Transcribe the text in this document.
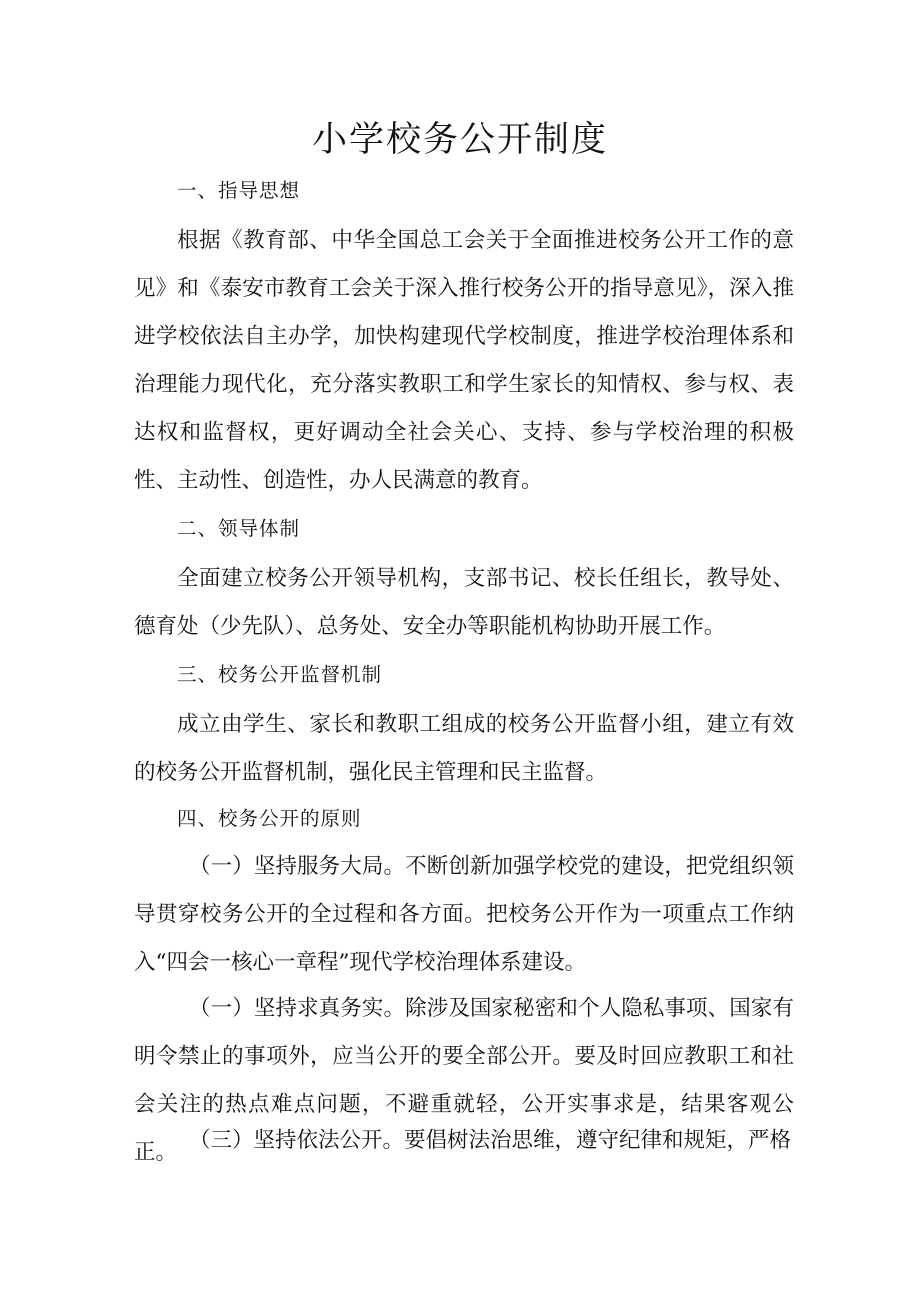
小学校务公开制度

一、指导思想

根据《教育部、中华全国总工会关于全面推进校务公开工作的意见》和《泰安市教育工会关于深入推行校务公开的指导意见》，深入推进学校依法自主办学，加快构建现代学校制度，推进学校治理体系和治理能力现代化，充分落实教职工和学生家长的知情权、参与权、表达权和监督权，更好调动全社会关心、支持、参与学校治理的积极性、主动性、创造性，办人民满意的教育。

二、领导体制

全面建立校务公开领导机构，支部书记、校长任组长，教导处、德育处（少先队）、总务处、安全办等职能机构协助开展工作。

三、校务公开监督机制

成立由学生、家长和教职工组成的校务公开监督小组，建立有效的校务公开监督机制，强化民主管理和民主监督。

四、校务公开的原则

（一）坚持服务大局。不断创新加强学校党的建设，把党组织领导贯穿校务公开的全过程和各方面。把校务公开作为一项重点工作纳入“四会一核心一章程”现代学校治理体系建设。

（一）坚持求真务实。除涉及国家秘密和个人隐私事项、国家有明令禁止的事项外，应当公开的要全部公开。要及时回应教职工和社会关注的热点难点问题，不避重就轻，公开实事求是，结果客观公正。 （三）坚持依法公开。要倡树法治思维，遵守纪律和规矩，严格
